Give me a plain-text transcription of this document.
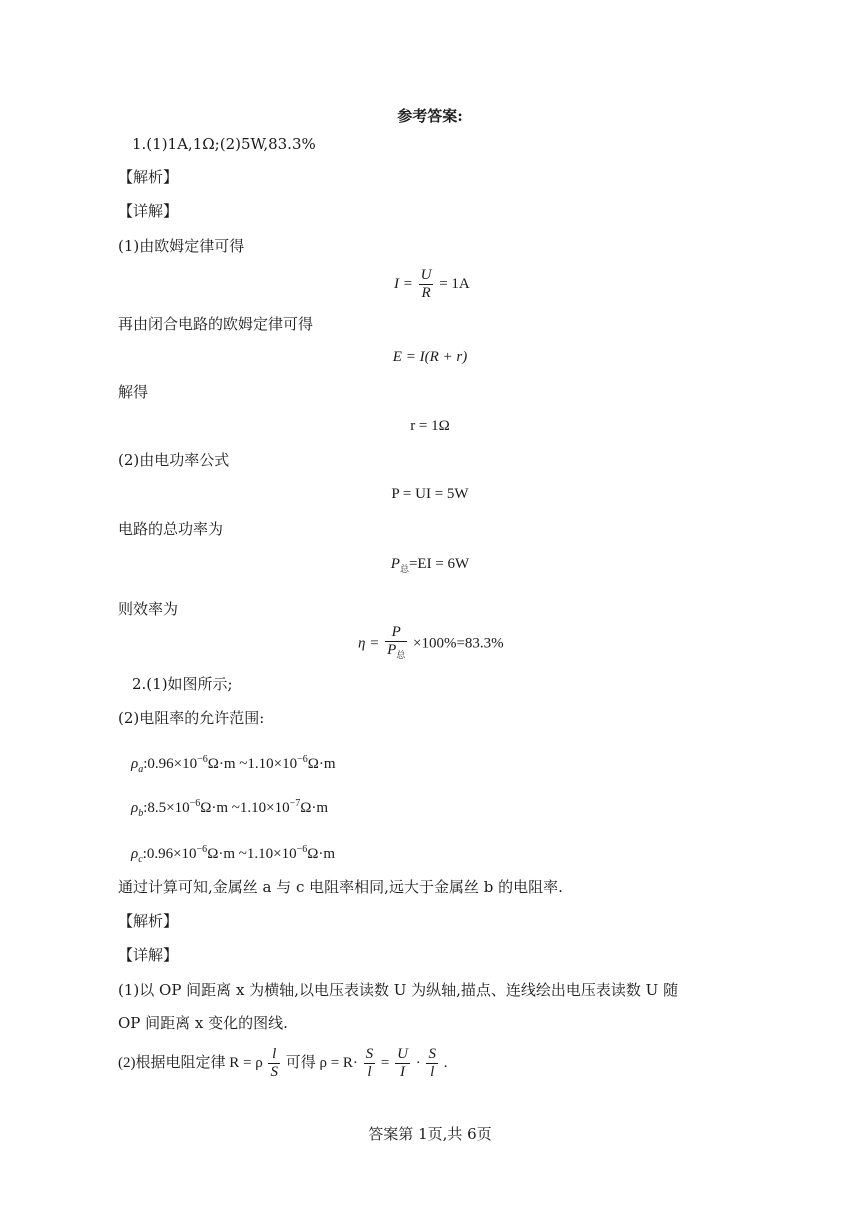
参考答案:
1.(1)1A,1Ω;(2)5W,83.3%
【解析】
【详解】
(1)由欧姆定律可得
$I = \frac{U}{R} = 1A$
再由闭合电路的欧姆定律可得
E = I(R + r)
解得
r = 1Ω
(2)由电功率公式
P = UI = 5W
电路的总功率为
$P_总=EI = 6W$
则效率为
$\eta = \frac{P}{P_总} \times 100\%=83.3\%$
2.(1)如图所示;
(2)电阻率的允许范围:
$\rho_a:0.96\times 10^{-6}\Omega\cdot m$ $\sim 1.10\times 10^{-6}\Omega\cdot m$
$\rho_b:8.5\times 10^{-6}\Omega\cdot m$ $\sim 1.10\times 10^{-7}\Omega\cdot m$
$\rho_c:0.96\times 10^{-6}\Omega\cdot m$ $\sim 1.10\times 10^{-6}\Omega\cdot m$
通过计算可知,金属丝 a 与 c 电阻率相同,远大于金属丝 b 的电阻率.
【解析】
【详解】
(1)以 OP 间距离 x 为横轴,以电压表读数 U 为纵轴,描点、连线绘出电压表读数 U 随
OP 间距离 x 变化的图线.
(2)根据电阻定律 R = ρ $\frac{l}{S}$ 可得 $\rho = R\cdot \frac{S}{l} = \frac{U}{I} \cdot \frac{S}{l}$ .
答案第 1页,共 6页
